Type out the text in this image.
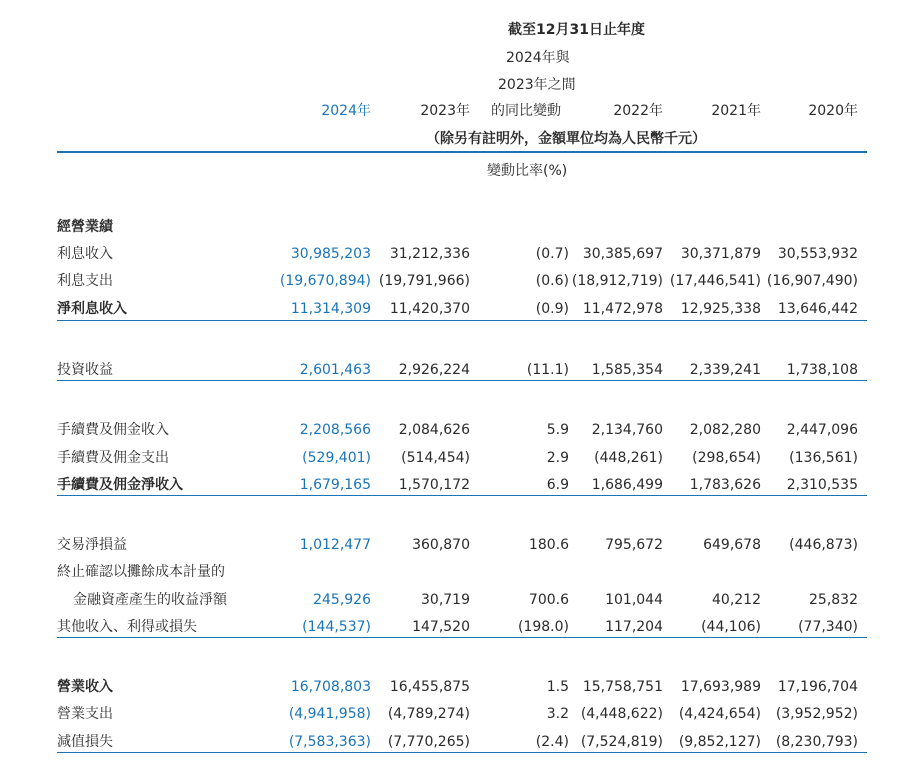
截至12月31日止年度
2024年與
2023年之間
的同比變動
2024年	2023年	2022年	2021年	2020年
（除另有註明外，金額單位均為人民幣千元）
變動比率(%)
經營業績
利息收入	30,985,203 31,212,336	(0.7) 30,385,697 30,371,879 30,553,932
利息支出	(19,670,894) (19,791,966)	(0.6) (18,912,719) (17,446,541) (16,907,490)
淨利息收入	11,314,309 11,420,370	(0.9) 11,472,978 12,925,338 13,646,442
投資收益	2,601,463 2,926,224	(11.1) 1,585,354 2,339,241 1,738,108
手續費及佣金收入	2,208,566 2,084,626	5.9 2,134,760 2,082,280 2,447,096
手續費及佣金支出	(529,401) (514,454)	2.9 (448,261) (298,654) (136,561)
手續費及佣金淨收入	1,679,165 1,570,172	6.9 1,686,499 1,783,626 2,310,535
交易淨損益	1,012,477	360,870	180.6	795,672	649,678 (446,873)
終止確認以攤餘成本計量的
金融資產產生的收益淨額	245,926	30,719	700.6	101,044	40,212	25,832
其他收入、利得或損失	(144,537)	147,520	(198.0)	117,204	(44,106)	(77,340)
營業收入	16,708,803 16,455,875	1.5 15,758,751 17,693,989 17,196,704
營業支出	(4,941,958) (4,789,274)	3.2 (4,448,622) (4,424,654) (3,952,952)
減值損失	(7,583,363) (7,770,265)	(2.4) (7,524,819) (9,852,127) (8,230,793)
